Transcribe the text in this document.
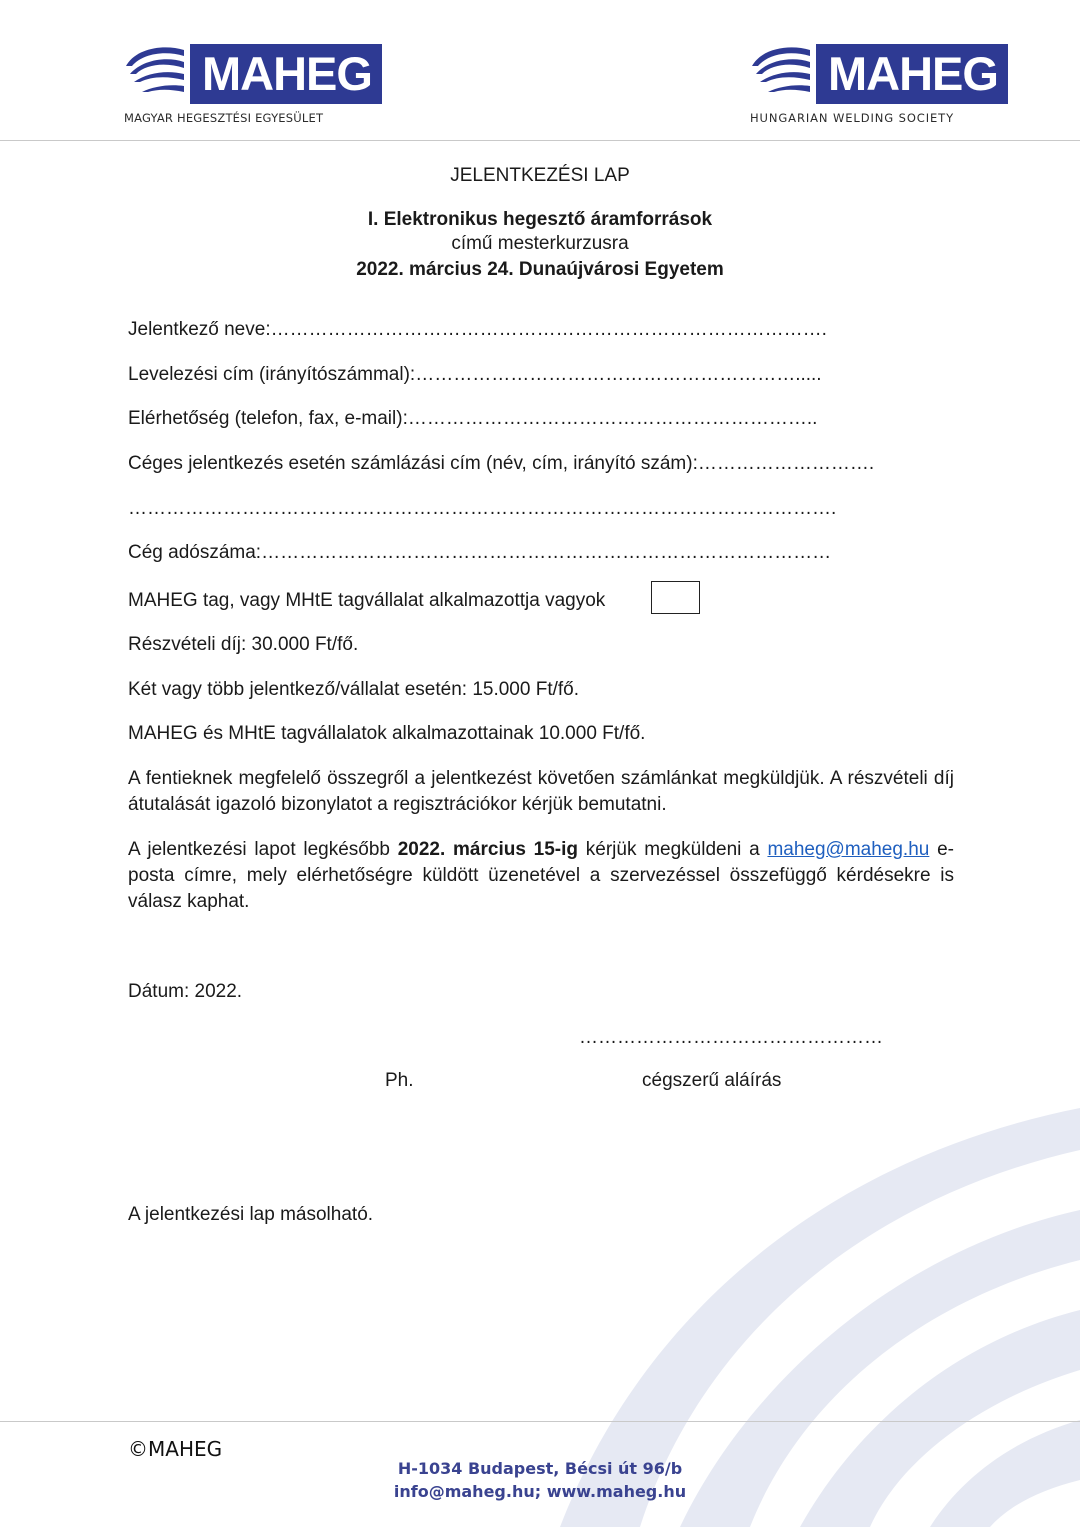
MAHEG
MAGYAR HEGESZTÉSI EGYESÜLET
MAHEG
HUNGARIAN WELDING SOCIETY
JELENTKEZÉSI LAP
I. Elektronikus hegesztő áramforrások
című mesterkurzusra
2022. március 24. Dunaújvárosi Egyetem
Jelentkező neve:…………………………………………………………………………….
Levelezési cím (irányítószámmal):…………………………………………………….....
Elérhetőség (telefon, fax, e-mail):………………………………………………………..
Céges jelentkezés esetén számlázási cím (név, cím, irányító szám):……………………….
………………………………………………………………………………………………….
Cég adószáma:………………………………………………………………………………
MAHEG tag, vagy MHtE tagvállalat alkalmazottja vagyok
Részvételi díj: 30.000 Ft/fő.
Két vagy több jelentkező/vállalat esetén: 15.000 Ft/fő.
MAHEG és MHtE tagvállalatok alkalmazottainak 10.000 Ft/fő.
A fentieknek megfelelő összegről a jelentkezést követően számlánkat megküldjük. A részvételi díj átutalását igazoló bizonylatot a regisztrációkor kérjük bemutatni.
A jelentkezési lapot legkésőbb 2022. március 15-ig kérjük megküldeni a maheg@maheg.hu e-posta címre, mely elérhetőségre küldött üzenetével a szervezéssel összefüggő kérdésekre is válasz kaphat.
Dátum: 2022.
…………………………………………
Ph.	cégszerű aláírás
A jelentkezési lap másolható.
©MAHEG
H-1034 Budapest, Bécsi út 96/b
info@maheg.hu; www.maheg.hu
